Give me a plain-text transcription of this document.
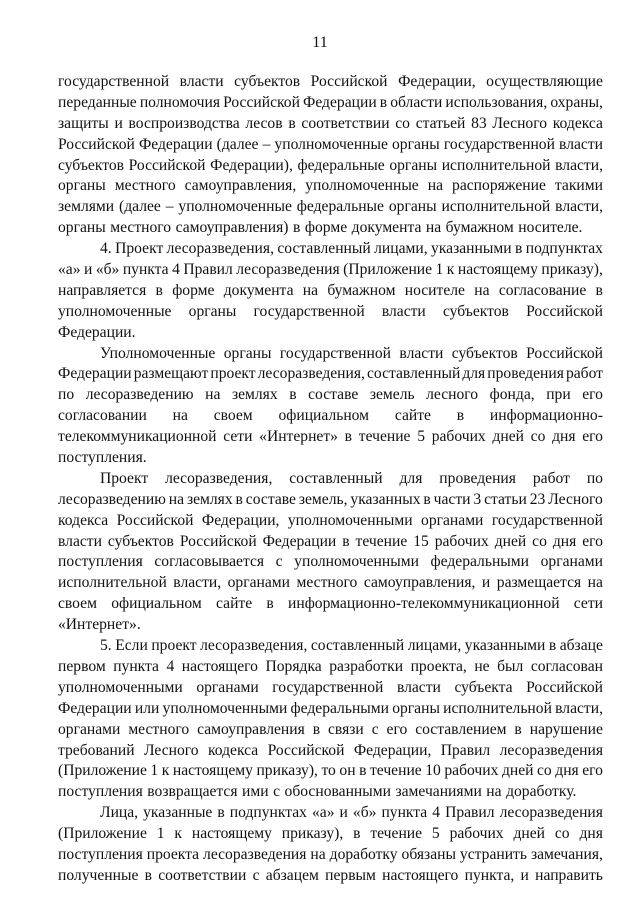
11
государственной власти субъектов Российской Федерации, осуществляющие
переданные полномочия Российской Федерации в области использования, охраны,
защиты и воспроизводства лесов в соответствии со статьей 83 Лесного кодекса
Российской Федерации (далее – уполномоченные органы государственной власти
субъектов Российской Федерации), федеральные органы исполнительной власти,
органы местного самоуправления, уполномоченные на распоряжение такими
землями (далее – уполномоченные федеральные органы исполнительной власти,
органы местного самоуправления) в форме документа на бумажном носителе.
4. Проект лесоразведения, составленный лицами, указанными в подпунктах
«а» и «б» пункта 4 Правил лесоразведения (Приложение 1 к настоящему приказу),
направляется в форме документа на бумажном носителе на согласование в
уполномоченные органы государственной власти субъектов Российской
Федерации.
Уполномоченные органы государственной власти субъектов Российской
Федерации размещают проект лесоразведения, составленный для проведения работ
по лесоразведению на землях в составе земель лесного фонда, при его
согласовании на своем официальном сайте в информационно-
телекоммуникационной сети «Интернет» в течение 5 рабочих дней со дня его
поступления.
Проект лесоразведения, составленный для проведения работ по
лесоразведению на землях в составе земель, указанных в части 3 статьи 23 Лесного
кодекса Российской Федерации, уполномоченными органами государственной
власти субъектов Российской Федерации в течение 15 рабочих дней со дня его
поступления согласовывается с уполномоченными федеральными органами
исполнительной власти, органами местного самоуправления, и размещается на
своем официальном сайте в информационно-телекоммуникационной сети
«Интернет».
5. Если проект лесоразведения, составленный лицами, указанными в абзаце
первом пункта 4 настоящего Порядка разработки проекта, не был согласован
уполномоченными органами государственной власти субъекта Российской
Федерации или уполномоченными федеральными органы исполнительной власти,
органами местного самоуправления в связи с его составлением в нарушение
требований Лесного кодекса Российской Федерации, Правил лесоразведения
(Приложение 1 к настоящему приказу), то он в течение 10 рабочих дней со дня его
поступления возвращается ими с обоснованными замечаниями на доработку.
Лица, указанные в подпунктах «а» и «б» пункта 4 Правил лесоразведения
(Приложение 1 к настоящему приказу), в течение 5 рабочих дней со дня
поступления проекта лесоразведения на доработку обязаны устранить замечания,
полученные в соответствии с абзацем первым настоящего пункта, и направить
